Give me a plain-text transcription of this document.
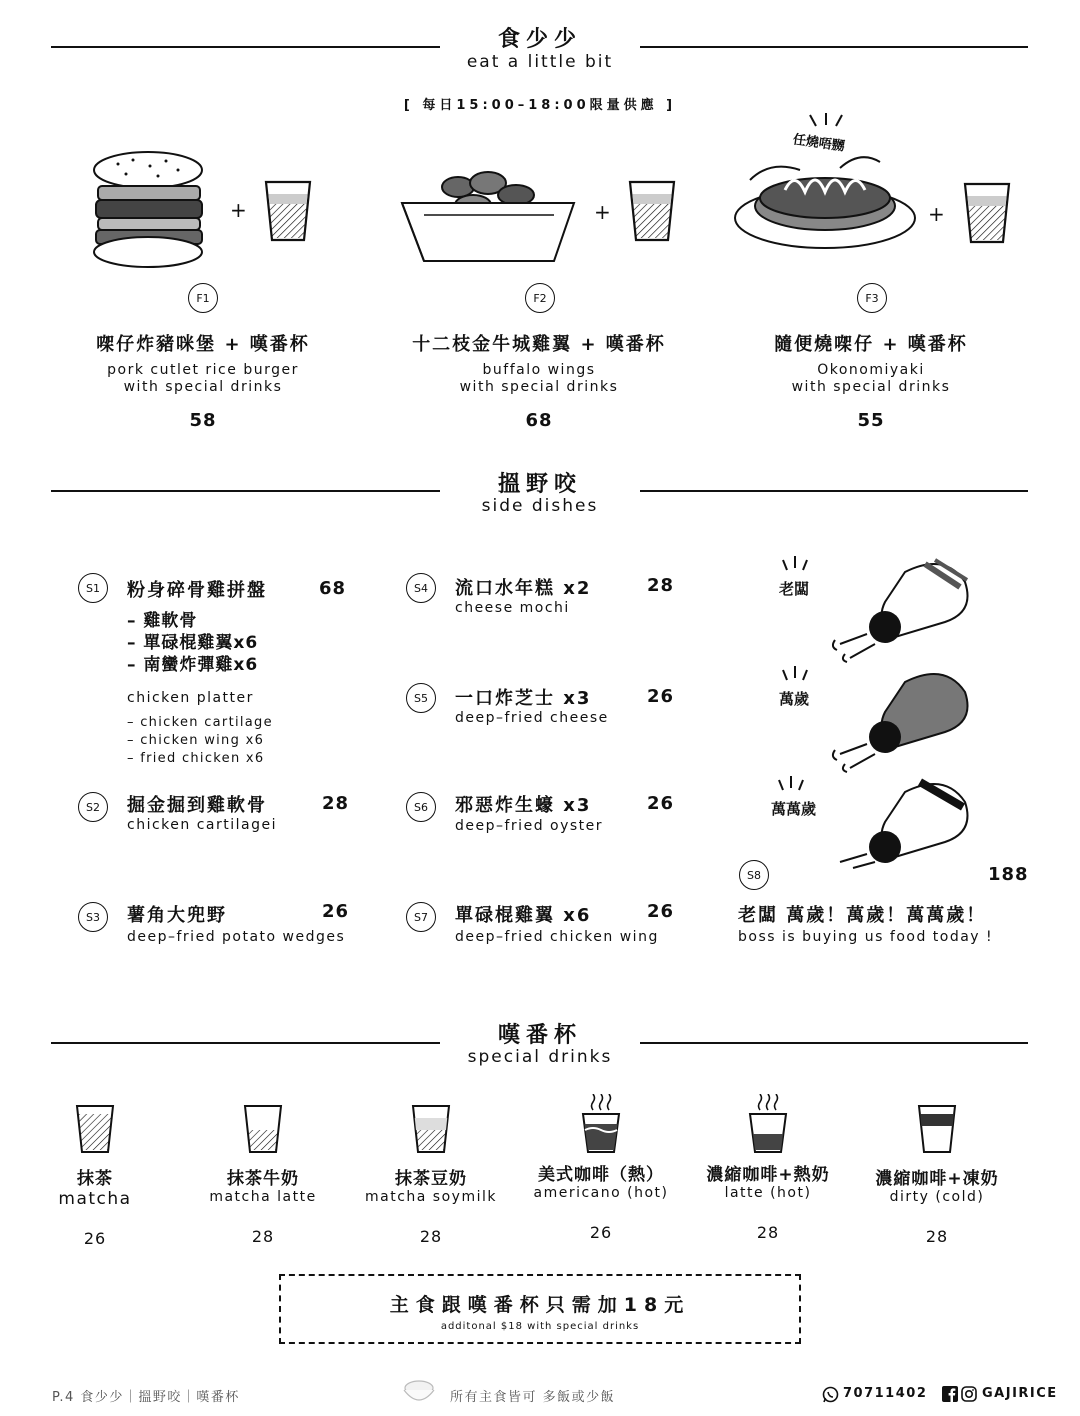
食少少
eat a little bit
[ 每日15:00–18:00限量供應 ]
+	+
任燒唔嬲
+
F1	F2	F3
㗎仔炸豬咪堡 + 嘆番杯
pork cutlet rice burger
with special drinks
58
十二枝金牛城雞翼 + 嘆番杯
buffalo wings
with special drinks
68
隨便燒㗎仔 + 嘆番杯
Okonomiyaki
with special drinks
55
搵野咬
side dishes
S1	粉身碎骨雞拼盤	68
– 雞軟骨
– 單碌棍雞翼x6
– 南蠻炸彈雞x6
chicken platter
– chicken cartilage
– chicken wing x6
– fried chicken x6
S2	掘金掘到雞軟骨	28
chicken cartilagei
S3	薯角大兜野	26
deep–fried potato wedges
S4	流口水年糕 x2	28
cheese mochi
S5	一口炸芝士 x3	26
deep–fried cheese
S6	邪惡炸生蠔 x3	26
deep–fried oyster
S7	單碌棍雞翼 x6	26
deep–fried chicken wing
老闆
萬歲
萬萬歲
S8	188
老闆 萬歲！萬歲！萬萬歲！
boss is buying us food today !
嘆番杯
special drinks
抹茶
matcha
26
抹茶牛奶
matcha latte
28
抹茶豆奶
matcha soymilk
28
美式咖啡（熱）
americano (hot)
26
濃縮咖啡+熱奶
latte (hot)
28
濃縮咖啡+凍奶
dirty (cold)
28
主食跟嘆番杯只需加18元
additonal $18 with special drinks
P.4 食少少｜搵野咬｜嘆番杯	所有主食皆可 多飯或少飯	70711402	GAJIRICE
